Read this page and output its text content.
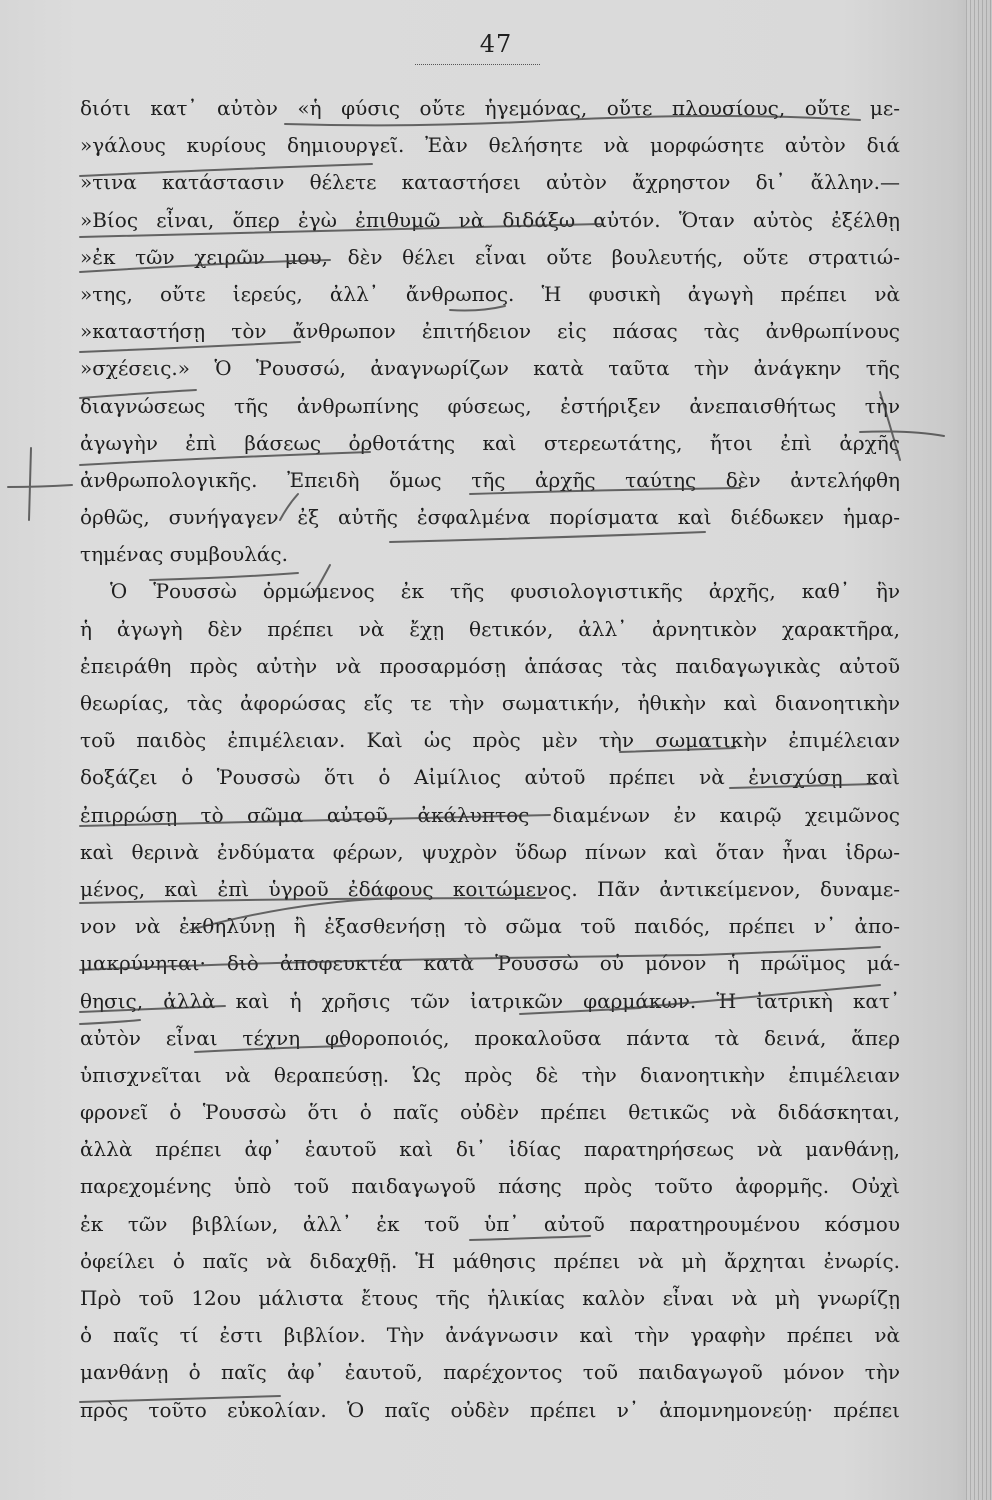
47
διότι κατ᾽ αὐτὸν «ἡ φύσις οὔτε ἡγεμόνας, οὔτε πλουσίους, οὔτε με-
»γάλους κυρίους δημιουργεῖ. Ἐὰν θελήσητε νὰ μορφώσητε αὐτὸν διά
»τινα κατάστασιν θέλετε καταστήσει αὐτὸν ἄχρηστον δι᾽ ἄλλην.—
»Βίος εἶναι, ὅπερ ἐγὼ ἐπιθυμῶ νὰ διδάξω αὐτόν. Ὅταν αὐτὸς ἐξέλθῃ
»ἐκ τῶν χειρῶν μου, δὲν θέλει εἶναι οὔτε βουλευτής, οὔτε στρατιώ-
»της, οὔτε ἱερεύς, ἀλλ᾽ ἄνθρωπος. Ἡ φυσικὴ ἀγωγὴ πρέπει νὰ
»καταστήσῃ τὸν ἄνθρωπον ἐπιτήδειον εἰς πάσας τὰς ἀνθρωπίνους
»σχέσεις.» Ὁ Ῥουσσώ, ἀναγνωρίζων κατὰ ταῦτα τὴν ἀνάγκην τῆς
διαγνώσεως τῆς ἀνθρωπίνης φύσεως, ἐστήριξεν ἀνεπαισθήτως τὴν
ἀγωγὴν ἐπὶ βάσεως ὀρθοτάτης καὶ στερεωτάτης, ἤτοι ἐπὶ ἀρχῆς
ἀνθρωπολογικῆς. Ἐπειδὴ ὅμως τῆς ἀρχῆς ταύτης δὲν ἀντελήφθη
ὀρθῶς, συνήγαγεν ἐξ αὐτῆς ἐσφαλμένα πορίσματα καὶ διέδωκεν ἡμαρ-
τημένας συμβουλάς.
Ὁ Ῥουσσὼ ὁρμώμενος ἐκ τῆς φυσιολογιστικῆς ἀρχῆς, καθ᾽ ἣν
ἡ ἀγωγὴ δὲν πρέπει νὰ ἔχῃ θετικόν, ἀλλ᾽ ἀρνητικὸν χαρακτῆρα,
ἐπειράθη πρὸς αὐτὴν νὰ προσαρμόσῃ ἁπάσας τὰς παιδαγωγικὰς αὐτοῦ
θεωρίας, τὰς ἀφορώσας εἴς τε τὴν σωματικήν, ἠθικὴν καὶ διανοητικὴν
τοῦ παιδὸς ἐπιμέλειαν. Καὶ ὡς πρὸς μὲν τὴν σωματικὴν ἐπιμέλειαν
δοξάζει ὁ Ῥουσσὼ ὅτι ὁ Αἰμίλιος αὐτοῦ πρέπει νὰ ἐνισχύσῃ καὶ
ἐπιρρώσῃ τὸ σῶμα αὐτοῦ, ἀκάλυπτος διαμένων ἐν καιρῷ χειμῶνος
καὶ θερινὰ ἐνδύματα φέρων, ψυχρὸν ὕδωρ πίνων καὶ ὅταν ἦναι ἱδρω-
μένος, καὶ ἐπὶ ὑγροῦ ἐδάφους κοιτώμενος. Πᾶν ἀντικείμενον, δυναμε-
νον νὰ ἐκθηλύνῃ ἢ ἐξασθενήσῃ τὸ σῶμα τοῦ παιδός, πρέπει ν᾽ ἀπο-
μακρύνηται· διὸ ἀποφευκτέα κατὰ Ῥουσσὼ οὐ μόνον ἡ πρώϊμος μά-
θησις, ἀλλὰ καὶ ἡ χρῆσις τῶν ἰατρικῶν φαρμάκων. Ἡ ἰατρικὴ κατ᾽
αὐτὸν εἶναι τέχνη φθοροποιός, προκαλοῦσα πάντα τὰ δεινά, ἅπερ
ὑπισχνεῖται νὰ θεραπεύσῃ. Ὡς πρὸς δὲ τὴν διανοητικὴν ἐπιμέλειαν
φρονεῖ ὁ Ῥουσσὼ ὅτι ὁ παῖς οὐδὲν πρέπει θετικῶς νὰ διδάσκηται,
ἀλλὰ πρέπει ἀφ᾽ ἑαυτοῦ καὶ δι᾽ ἰδίας παρατηρήσεως νὰ μανθάνῃ,
παρεχομένης ὑπὸ τοῦ παιδαγωγοῦ πάσης πρὸς τοῦτο ἀφορμῆς. Οὐχὶ
ἐκ τῶν βιβλίων, ἀλλ᾽ ἐκ τοῦ ὑπ᾽ αὐτοῦ παρατηρουμένου κόσμου
ὀφείλει ὁ παῖς νὰ διδαχθῇ. Ἡ μάθησις πρέπει νὰ μὴ ἄρχηται ἐνωρίς.
Πρὸ τοῦ 12ου μάλιστα ἔτους τῆς ἡλικίας καλὸν εἶναι νὰ μὴ γνωρίζῃ
ὁ παῖς τί ἐστι βιβλίον. Τὴν ἀνάγνωσιν καὶ τὴν γραφὴν πρέπει νὰ
μανθάνῃ ὁ παῖς ἀφ᾽ ἑαυτοῦ, παρέχοντος τοῦ παιδαγωγοῦ μόνον τὴν
πρὸς τοῦτο εὐκολίαν. Ὁ παῖς οὐδὲν πρέπει ν᾽ ἀπομνημονεύῃ· πρέπει
